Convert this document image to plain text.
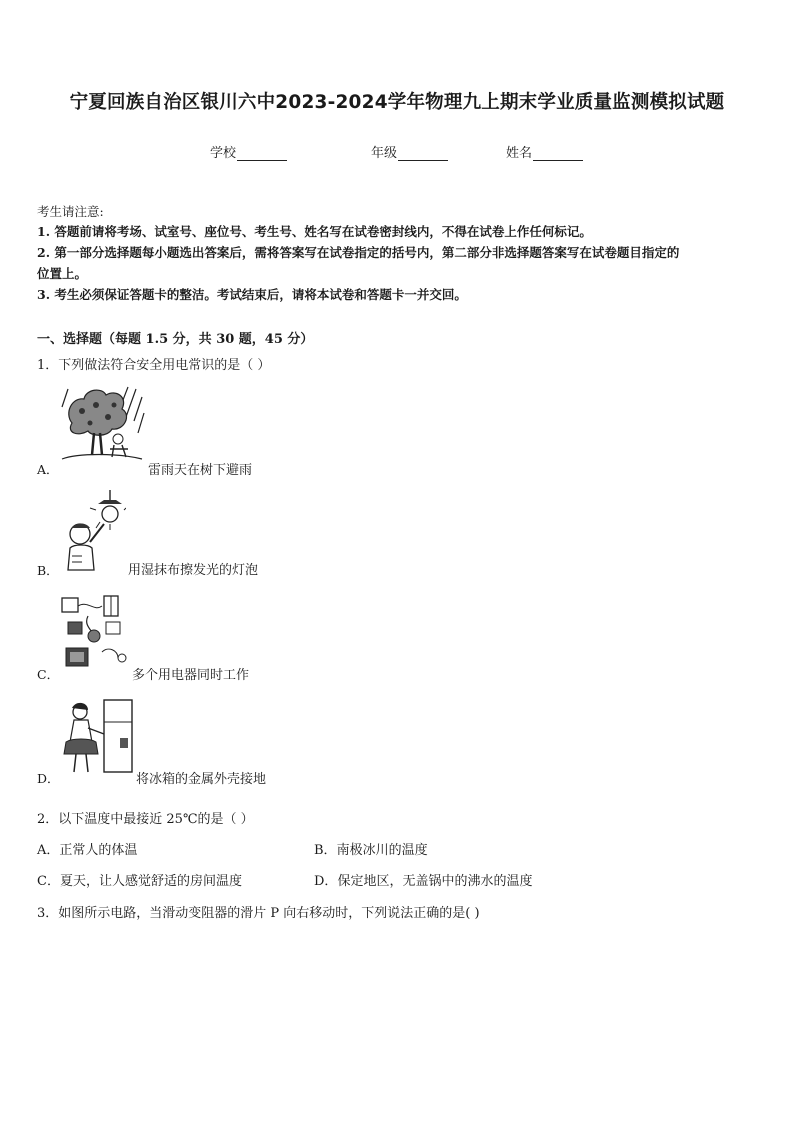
宁夏回族自治区银川六中2023-2024学年物理九上期末学业质量监测模拟试题
学校	年级	姓名
考生请注意:
1. 答题前请将考场、试室号、座位号、考生号、姓名写在试卷密封线内，不得在试卷上作任何标记。
2. 第一部分选择题每小题选出答案后，需将答案写在试卷指定的括号内，第二部分非选择题答案写在试卷题目指定的
位置上。
3. 考生必须保证答题卡的整洁。考试结束后，请将本试卷和答题卡一并交回。
一、选择题（每题 1.5 分，共 30 题，45 分）
1．下列做法符合安全用电常识的是（ ）
A．	雷雨天在树下避雨
B．	用湿抹布擦发光的灯泡
C．	多个用电器同时工作
D．	将冰箱的金属外壳接地
2．以下温度中最接近 25℃的是（ ）
A．正常人的体温	B．南极冰川的温度
C．夏天，让人感觉舒适的房间温度	D．保定地区，无盖锅中的沸水的温度
3．如图所示电路，当滑动变阻器的滑片 P 向右移动时，下列说法正确的是( )
